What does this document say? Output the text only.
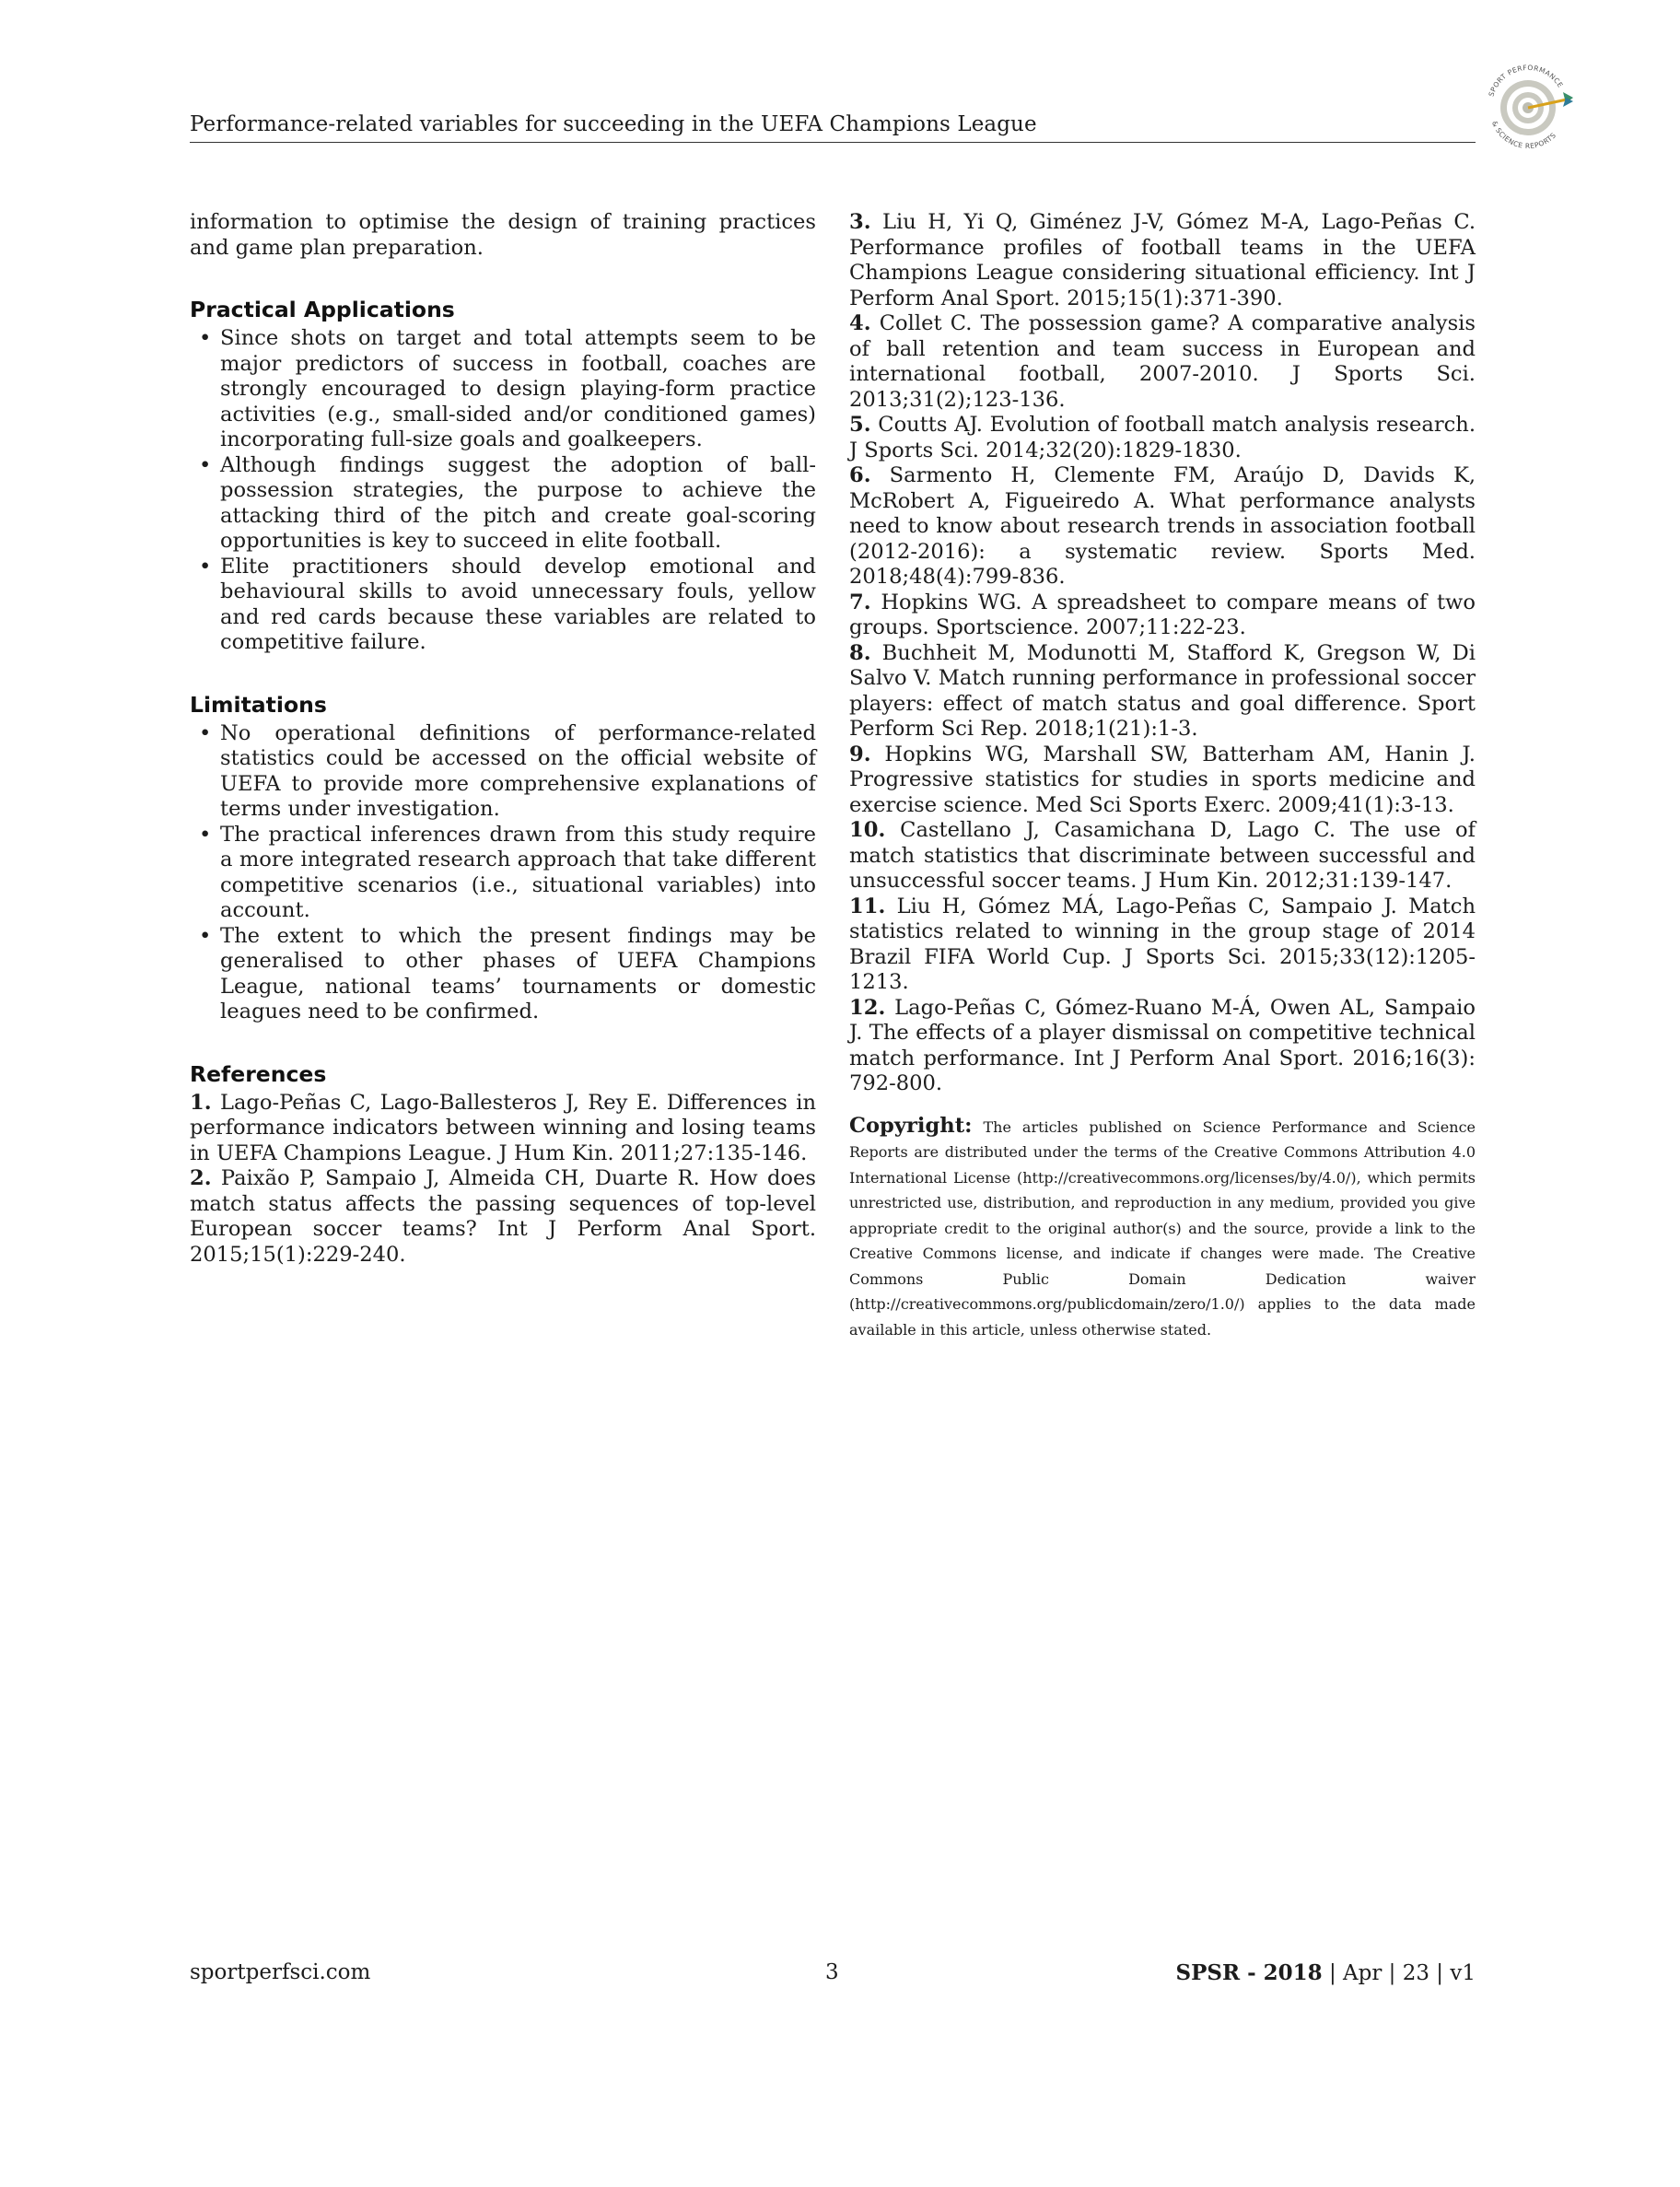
Performance-related variables for succeeding in the UEFA Champions League
SPORT PERFORMANCE
& SCIENCE REPORTS

information to optimise the design of training practices and game plan preparation.

Practical Applications
• Since shots on target and total attempts seem to be major predictors of success in football, coaches are strongly encouraged to design playing-form practice activities (e.g., small-sided and/or conditioned games) incorporating full-size goals and goalkeepers.
• Although findings suggest the adoption of ball-possession strategies, the purpose to achieve the attacking third of the pitch and create goal-scoring opportunities is key to succeed in elite football.
• Elite practitioners should develop emotional and behavioural skills to avoid unnecessary fouls, yellow and red cards because these variables are related to competitive failure.
Limitations
• No operational definitions of performance-related statistics could be accessed on the official website of UEFA to provide more comprehensive explanations of terms under investigation.
• The practical inferences drawn from this study require a more integrated research approach that take different competitive scenarios (i.e., situational variables) into account.
• The extent to which the present findings may be generalised to other phases of UEFA Champions League, national teams’ tournaments or domestic leagues need to be confirmed.
References

1. Lago-Peñas C, Lago-Ballesteros J, Rey E. Differences in performance indicators between winning and losing teams in UEFA Champions League. J Hum Kin. 2011;27:135-146.

2. Paixão P, Sampaio J, Almeida CH, Duarte R. How does match status affects the passing sequences of top-level European soccer teams? Int J Perform Anal Sport. 2015;15(1):229-240.

3. Liu H, Yi Q, Giménez J-V, Gómez M-A, Lago-Peñas C. Performance profiles of football teams in the UEFA Champions League considering situational efficiency. Int J Perform Anal Sport. 2015;15(1):371-390.

4. Collet C. The possession game? A comparative analysis of ball retention and team success in European and international football, 2007-2010. J Sports Sci. 2013;31(2);123-136.

5. Coutts AJ. Evolution of football match analysis research. J Sports Sci. 2014;32(20):1829-1830.

6. Sarmento H, Clemente FM, Araújo D, Davids K, McRobert A, Figueiredo A. What performance analysts need to know about research trends in association football (2012-2016): a systematic review. Sports Med. 2018;48(4):799-836.

7. Hopkins WG. A spreadsheet to compare means of two groups. Sportscience. 2007;11:22-23.

8. Buchheit M, Modunotti M, Stafford K, Gregson W, Di Salvo V. Match running performance in professional soccer players: effect of match status and goal difference. Sport Perform Sci Rep. 2018;1(21):1-3.

9. Hopkins WG, Marshall SW, Batterham AM, Hanin J. Progressive statistics for studies in sports medicine and exercise science. Med Sci Sports Exerc. 2009;41(1):3-13.

10. Castellano J, Casamichana D, Lago C. The use of match statistics that discriminate between successful and unsuccessful soccer teams. J Hum Kin. 2012;31:139-147.

11. Liu H, Gómez MÁ, Lago-Peñas C, Sampaio J. Match statistics related to winning in the group stage of 2014 Brazil FIFA World Cup. J Sports Sci. 2015;33(12):1205-1213.

12. Lago-Peñas C, Gómez-Ruano M-Á, Owen AL, Sampaio J. The effects of a player dismissal on competitive technical match performance. Int J Perform Anal Sport. 2016;16(3): 792-800.

Copyright: The articles published on Science Performance and Science Reports are distributed under the terms of the Creative Commons Attribution 4.0 International License (http://creativecommons.org/licenses/by/4.0/), which permits unrestricted use, distribution, and reproduction in any medium, provided you give appropriate credit to the original author(s) and the source, provide a link to the Creative Commons license, and indicate if changes were made. The Creative Commons Public Domain Dedication waiver (http://creativecommons.org/publicdomain/zero/1.0/) applies to the data made available in this article, unless otherwise stated.
sportperfsci.com	3	SPSR - 2018 | Apr | 23 | v1
